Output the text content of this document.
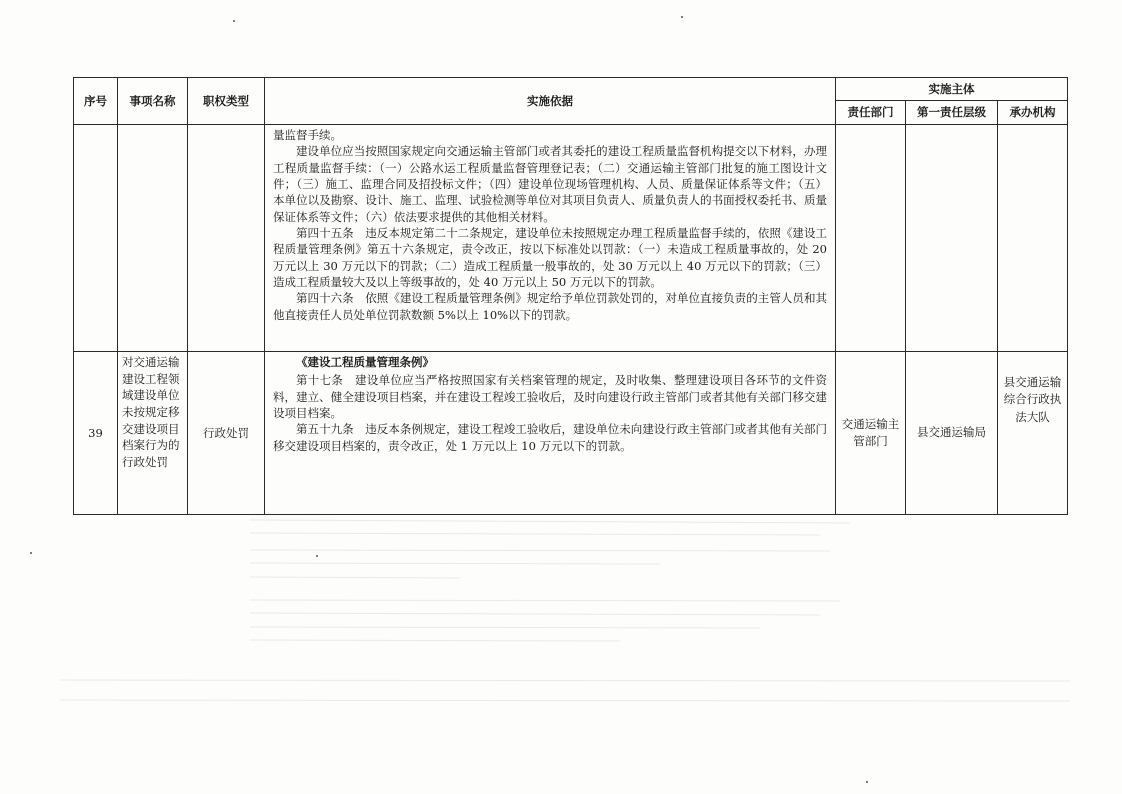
序号	事项名称	职权类型	实施依据	实施主体		
				责任部门	第一责任层级	承办机构

			量监督手续。

建设单位应当按照国家规定向交通运输主管部门或者其委托的建设工程质量监督机构提交以下材料，办理工程质量监督手续：（一）公路水运工程质量监督管理登记表；（二）交通运输主管部门批复的施工图设计文件；（三）施工、监理合同及招投标文件；（四）建设单位现场管理机构、人员、质量保证体系等文件；（五）本单位以及勘察、设计、施工、监理、试验检测等单位对其项目负责人、质量负责人的书面授权委托书、质量保证体系等文件；（六）依法要求提供的其他相关材料。

第四十五条　违反本规定第二十二条规定，建设单位未按照规定办理工程质量监督手续的，依照《建设工程质量管理条例》第五十六条规定，责令改正，按以下标准处以罚款：（一）未造成工程质量事故的，处 20 万元以上 30 万元以下的罚款；（二）造成工程质量一般事故的，处 30 万元以上 40 万元以下的罚款；（三）造成工程质量较大及以上等级事故的，处 40 万元以上 50 万元以下的罚款。

第四十六条　依照《建设工程质量管理条例》规定给予单位罚款处罚的，对单位直接负责的主管人员和其他直接责任人员处单位罚款数额 5%以上 10%以下的罚款。			

39	对交通运输建设工程领域建设单位未按规定移交建设项目档案行为的行政处罚	行政处罚	《建设工程质量管理条例》

第十七条　建设单位应当严格按照国家有关档案管理的规定，及时收集、整理建设项目各环节的文件资料，建立、健全建设项目档案，并在建设工程竣工验收后，及时向建设行政主管部门或者其他有关部门移交建设项目档案。

第五十九条　违反本条例规定，建设工程竣工验收后，建设单位未向建设行政主管部门或者其他有关部门移交建设项目档案的，责令改正，处 1 万元以上 10 万元以下的罚款。	交通运输主管部门	县交通运输局	县交通运输综合行政执法大队
